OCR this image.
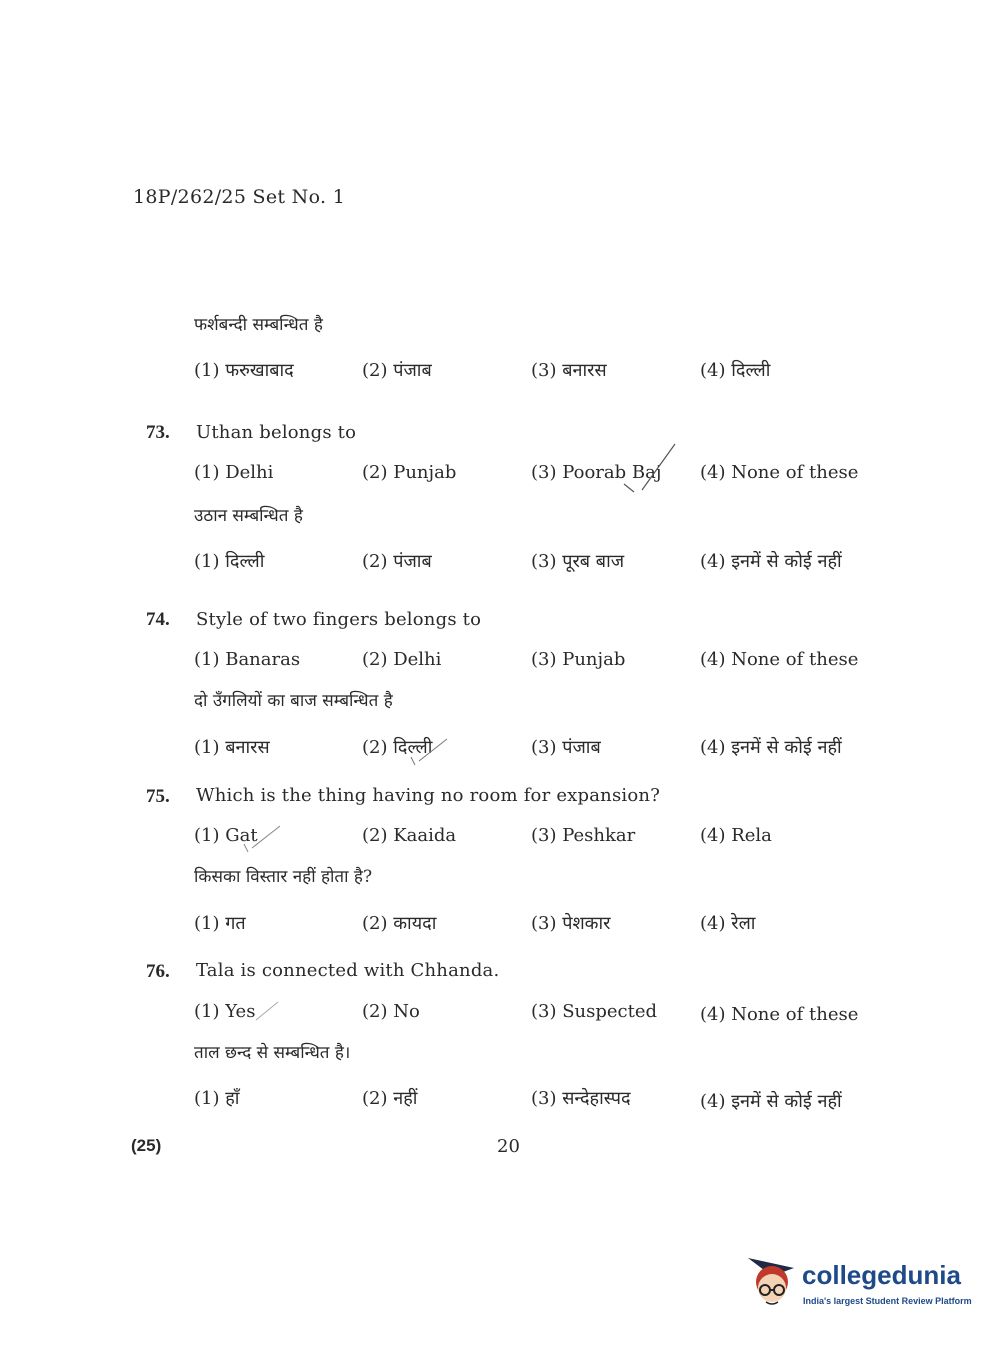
18P/262/25 Set No. 1
फर्शबन्दी सम्बन्धित है
(1) फरुखाबाद	(2) पंजाब	(3) बनारस	(4) दिल्ली
73. Uthan belongs to
(1) Delhi	(2) Punjab	(3) Poorab Baj (4) None of these
उठान सम्बन्धित है
(1) दिल्ली	(2) पंजाब	(3) पूरब बाज	(4) इनमें से कोई नहीं
74. Style of two fingers belongs to
(1) Banaras	(2) Delhi	(3) Punjab	(4) None of these
दो उँगलियों का बाज सम्बन्धित है
(1) बनारस	(2) दिल्ली	(3) पंजाब	(4) इनमें से कोई नहीं
75. Which is the thing having no room for expansion?
(1) Gat	(2) Kaaida	(3) Peshkar	(4) Rela
किसका विस्तार नहीं होता है?
(1) गत	(2) कायदा	(3) पेशकार	(4) रेला
76. Tala is connected with Chhanda.
(1) Yes	(2) No	(3) Suspected (4) None of these
ताल छन्द से सम्बन्धित है।
(1) हाँ	(2) नहीं	(3) सन्देहास्पद	(4) इनमें से कोई नहीं
(25)	20
collegedunia
India's largest Student Review Platform
